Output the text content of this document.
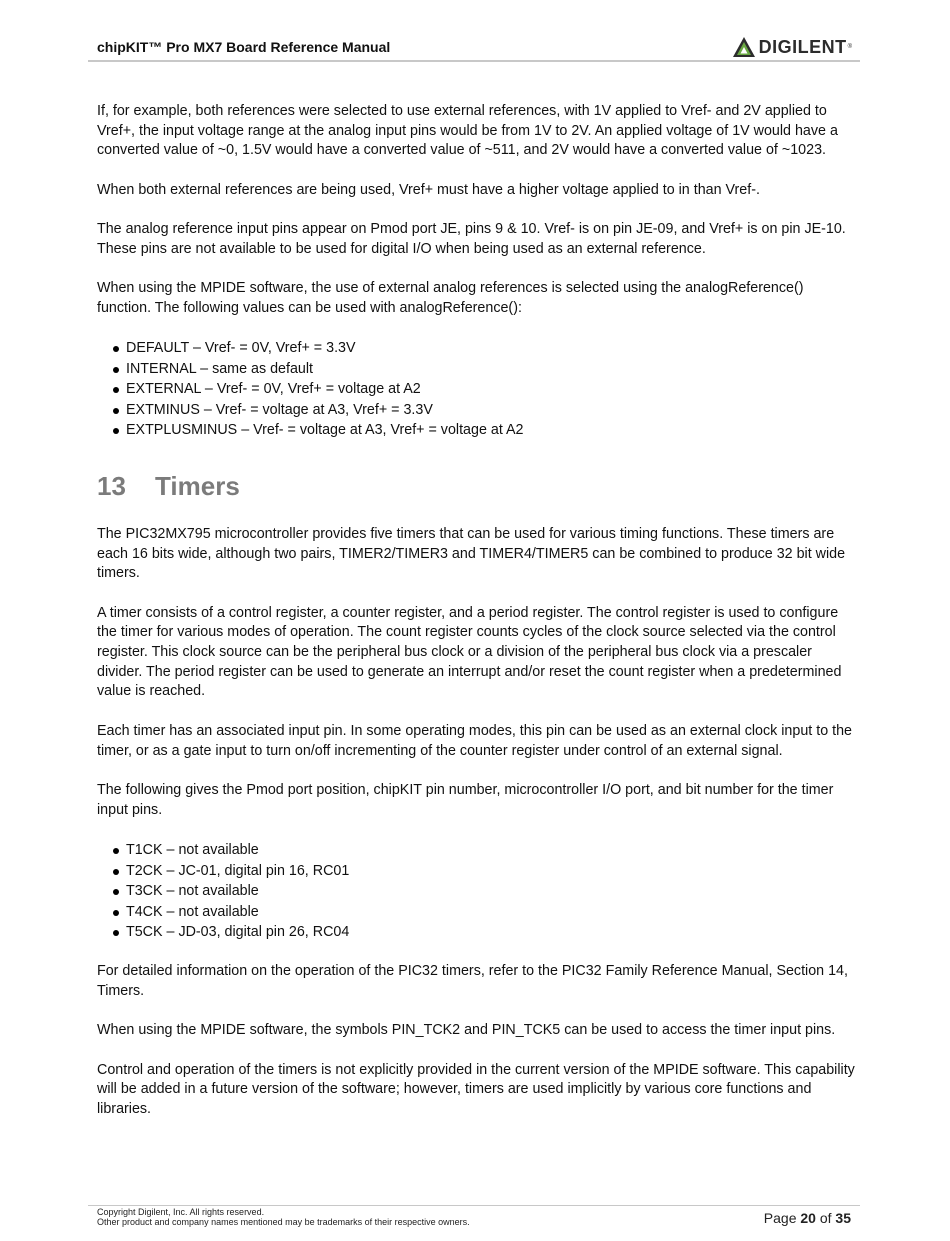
chipKIT™ Pro MX7 Board Reference Manual	DIGILENT ®

If, for example, both references were selected to use external references, with 1V applied to Vref- and 2V applied to Vref+, the input voltage range at the analog input pins would be from 1V to 2V. An applied voltage of 1V would have a converted value of ~0, 1.5V would have a converted value of ~511, and 2V would have a converted value of ~1023.

When both external references are being used, Vref+ must have a higher voltage applied to in than Vref-.

The analog reference input pins appear on Pmod port JE, pins 9 & 10. Vref- is on pin JE-09, and Vref+ is on pin JE-10. These pins are not available to be used for digital I/O when being used as an external reference.

When using the MPIDE software, the use of external analog references is selected using the analogReference() function. The following values can be used with analogReference():

DEFAULT – Vref- = 0V, Vref+ = 3.3V
INTERNAL – same as default
EXTERNAL – Vref- = 0V, Vref+ = voltage at A2
EXTMINUS – Vref- = voltage at A3, Vref+ = 3.3V
EXTPLUSMINUS – Vref- = voltage at A3, Vref+ = voltage at A2
13	Timers

The PIC32MX795 microcontroller provides five timers that can be used for various timing functions. These timers are each 16 bits wide, although two pairs, TIMER2/TIMER3 and TIMER4/TIMER5 can be combined to produce 32 bit wide timers.

A timer consists of a control register, a counter register, and a period register. The control register is used to configure the timer for various modes of operation. The count register counts cycles of the clock source selected via the control register. This clock source can be the peripheral bus clock or a division of the peripheral bus clock via a prescaler divider. The period register can be used to generate an interrupt and/or reset the count register when a predetermined value is reached.

Each timer has an associated input pin. In some operating modes, this pin can be used as an external clock input to the timer, or as a gate input to turn on/off incrementing of the counter register under control of an external signal.

The following gives the Pmod port position, chipKIT pin number, microcontroller I/O port, and bit number for the timer input pins.

T1CK – not available
T2CK – JC-01, digital pin 16, RC01
T3CK – not available
T4CK – not available
T5CK – JD-03, digital pin 26, RC04

For detailed information on the operation of the PIC32 timers, refer to the PIC32 Family Reference Manual, Section 14, Timers.

When using the MPIDE software, the symbols PIN_TCK2 and PIN_TCK5 can be used to access the timer input pins.

Control and operation of the timers is not explicitly provided in the current version of the MPIDE software. This capability will be added in a future version of the software; however, timers are used implicitly by various core functions and libraries.

Copyright Digilent, Inc. All rights reserved.
Other product and company names mentioned may be trademarks of their respective owners.	Page 20 of 35
